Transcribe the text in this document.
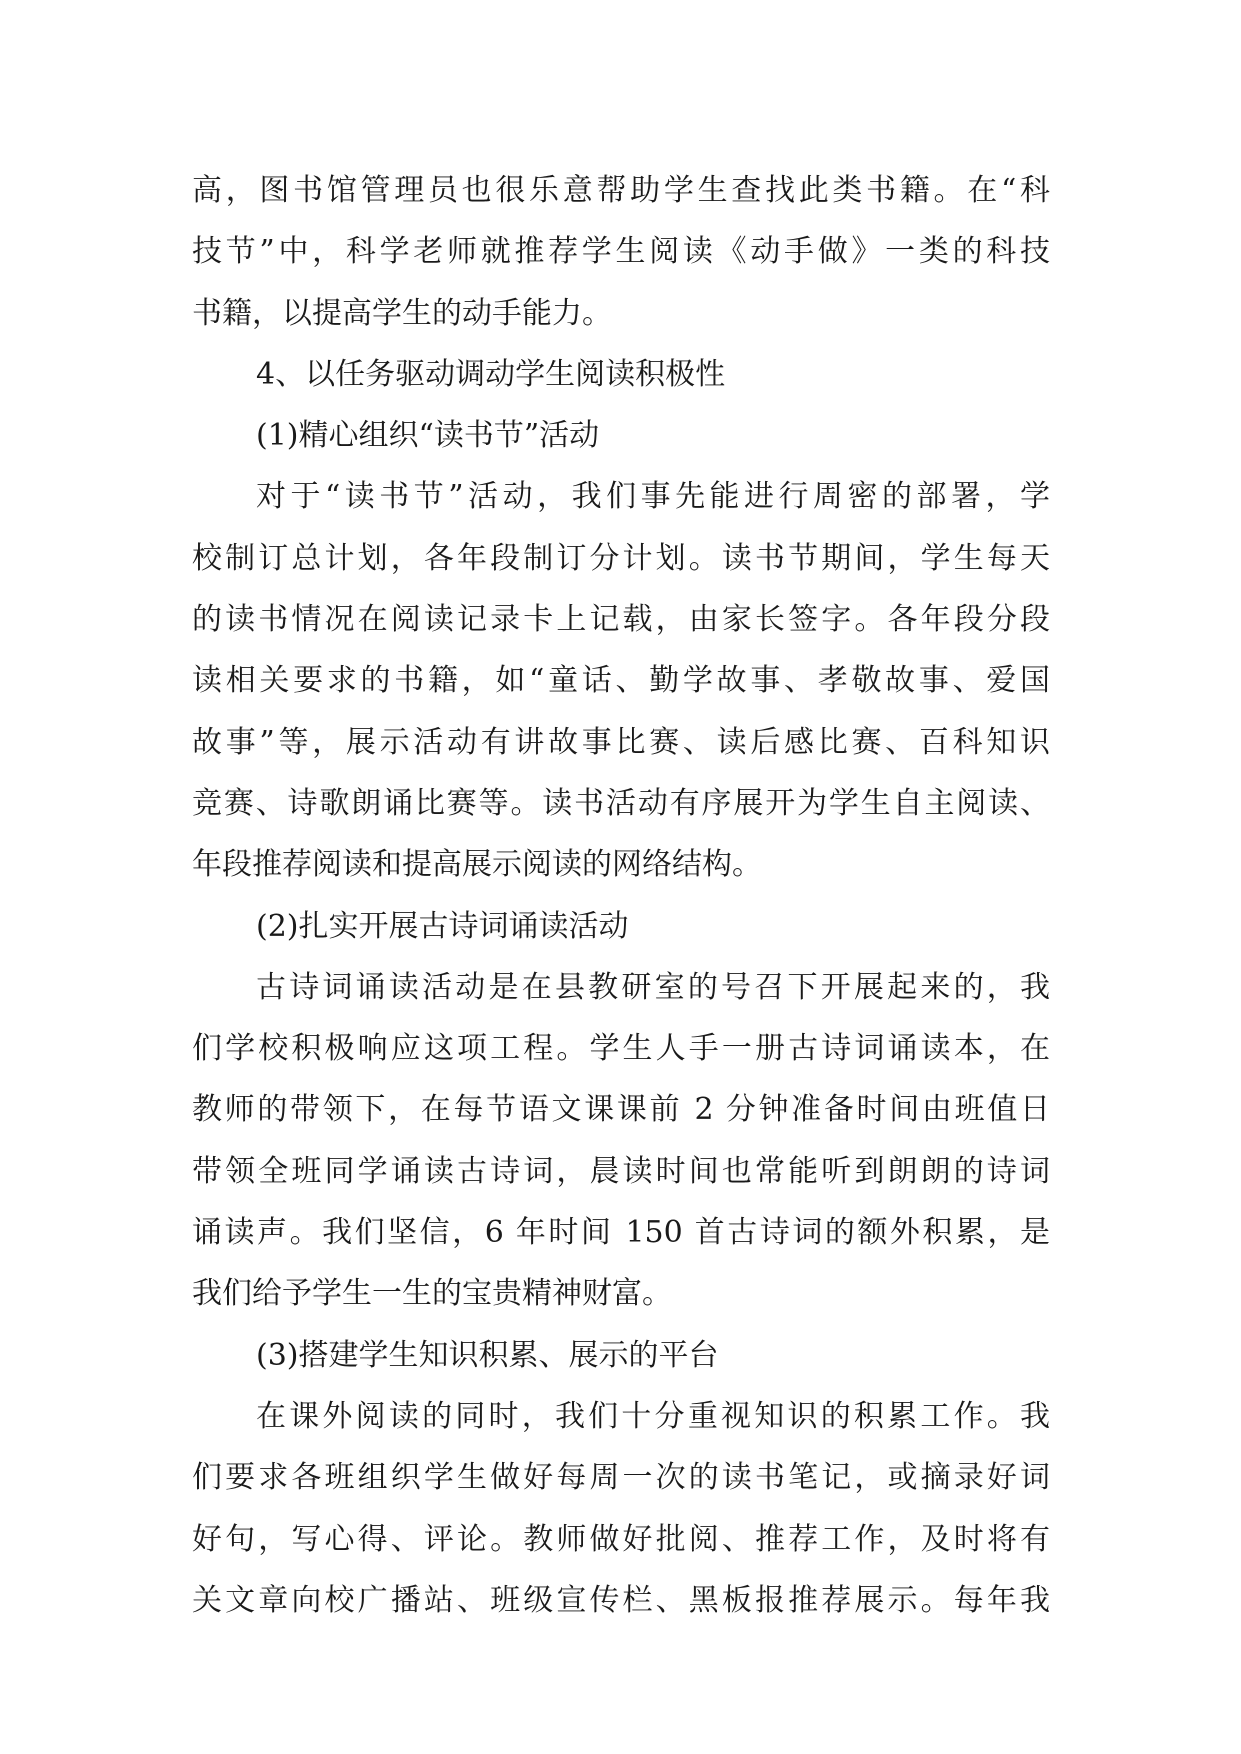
高，图书馆管理员也很乐意帮助学生查找此类书籍。在“科
技节”中，科学老师就推荐学生阅读《动手做》一类的科技
书籍，以提高学生的动手能力。
4、以任务驱动调动学生阅读积极性
(1)精心组织“读书节”活动
对于“读书节”活动，我们事先能进行周密的部署，学
校制订总计划，各年段制订分计划。读书节期间，学生每天
的读书情况在阅读记录卡上记载，由家长签字。各年段分段
读相关要求的书籍，如“童话、勤学故事、孝敬故事、爱国
故事”等，展示活动有讲故事比赛、读后感比赛、百科知识
竞赛、诗歌朗诵比赛等。读书活动有序展开为学生自主阅读、
年段推荐阅读和提高展示阅读的网络结构。
(2)扎实开展古诗词诵读活动
古诗词诵读活动是在县教研室的号召下开展起来的，我
们学校积极响应这项工程。学生人手一册古诗词诵读本，在
教师的带领下，在每节语文课课前 2 分钟准备时间由班值日
带领全班同学诵读古诗词，晨读时间也常能听到朗朗的诗词
诵读声。我们坚信，6 年时间 150 首古诗词的额外积累，是
我们给予学生一生的宝贵精神财富。
(3)搭建学生知识积累、展示的平台
在课外阅读的同时，我们十分重视知识的积累工作。我
们要求各班组织学生做好每周一次的读书笔记，或摘录好词
好句，写心得、评论。教师做好批阅、推荐工作，及时将有
关文章向校广播站、班级宣传栏、黑板报推荐展示。每年我
